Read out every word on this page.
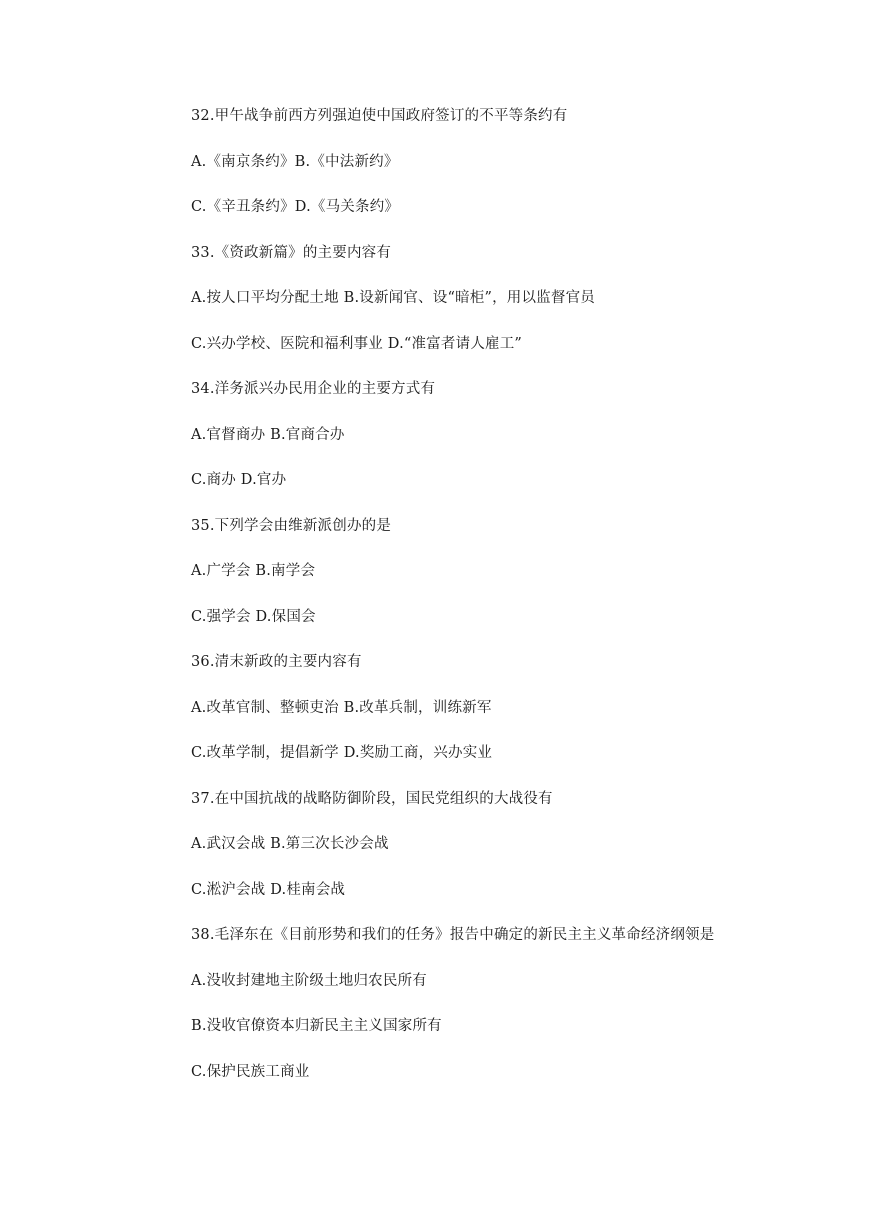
32.甲午战争前西方列强迫使中国政府签订的不平等条约有
A.《南京条约》B.《中法新约》
C.《辛丑条约》D.《马关条约》
33.《资政新篇》的主要内容有
A.按人口平均分配土地 B.设新闻官、设“暗柜”，用以监督官员
C.兴办学校、医院和福利事业 D.“准富者请人雇工”
34.洋务派兴办民用企业的主要方式有
A.官督商办 B.官商合办
C.商办 D.官办
35.下列学会由维新派创办的是
A.广学会 B.南学会
C.强学会 D.保国会
36.清末新政的主要内容有
A.改革官制、整顿吏治 B.改革兵制，训练新军
C.改革学制，提倡新学 D.奖励工商，兴办实业
37.在中国抗战的战略防御阶段，国民党组织的大战役有
A.武汉会战 B.第三次长沙会战
C.淞沪会战 D.桂南会战
38.毛泽东在《目前形势和我们的任务》报告中确定的新民主主义革命经济纲领是
A.没收封建地主阶级土地归农民所有
B.没收官僚资本归新民主主义国家所有
C.保护民族工商业
